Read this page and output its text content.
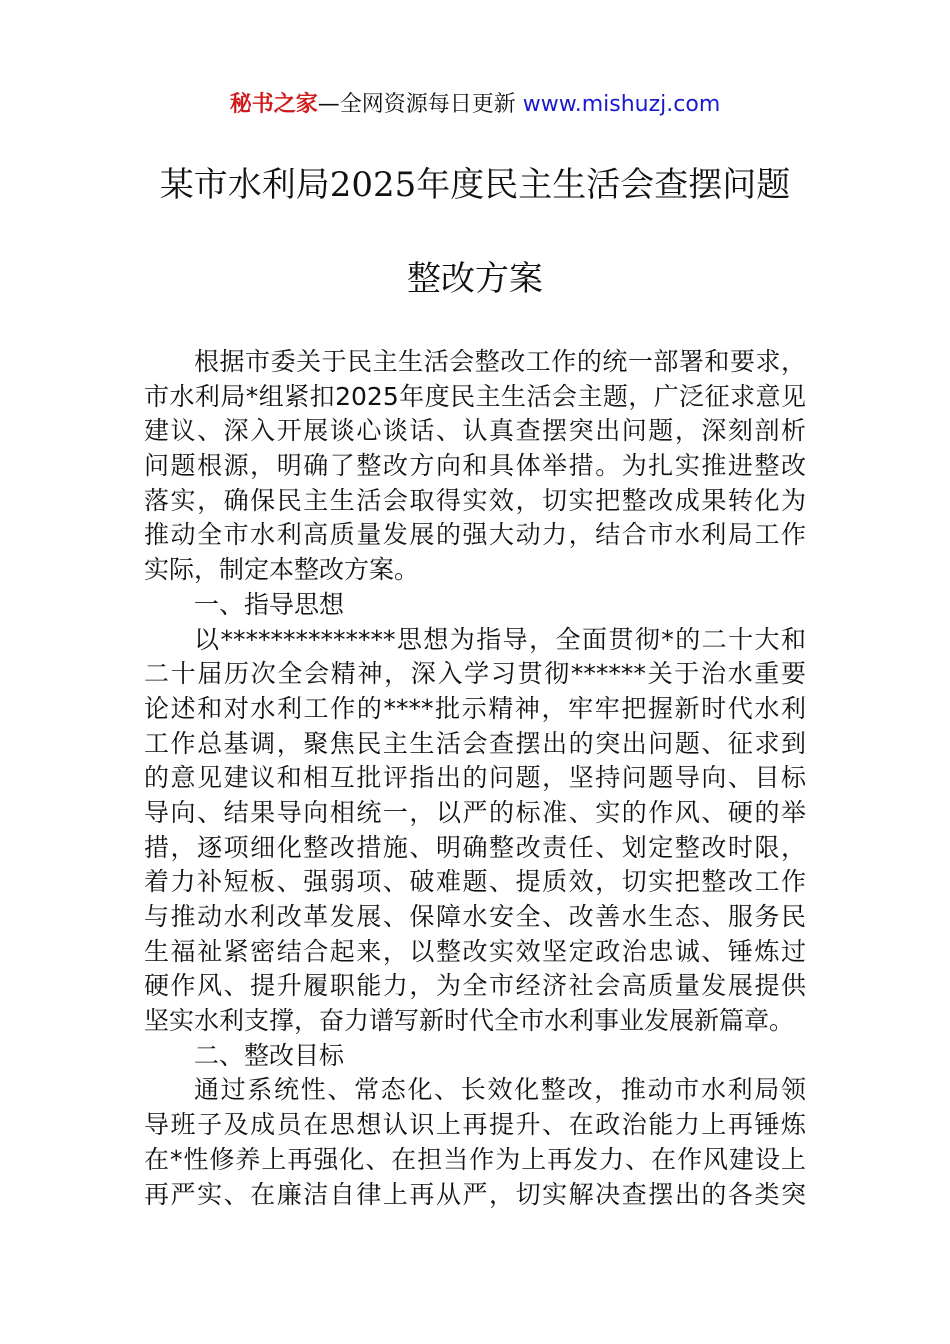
秘书之家—全网资源每日更新 www.mishuzj.com
某市水利局2025年度民主生活会查摆问题
整改方案
根据市委关于民主生活会整改工作的统一部署和要求，
市水利局*组紧扣2025年度民主生活会主题，广泛征求意见
建议、深入开展谈心谈话、认真查摆突出问题，深刻剖析
问题根源，明确了整改方向和具体举措。为扎实推进整改
落实，确保民主生活会取得实效，切实把整改成果转化为
推动全市水利高质量发展的强大动力，结合市水利局工作
实际，制定本整改方案。
一、指导思想
以**************思想为指导，全面贯彻*的二十大和
二十届历次全会精神，深入学习贯彻******关于治水重要
论述和对水利工作的****批示精神，牢牢把握新时代水利
工作总基调，聚焦民主生活会查摆出的突出问题、征求到
的意见建议和相互批评指出的问题，坚持问题导向、目标
导向、结果导向相统一，以严的标准、实的作风、硬的举
措，逐项细化整改措施、明确整改责任、划定整改时限，
着力补短板、强弱项、破难题、提质效，切实把整改工作
与推动水利改革发展、保障水安全、改善水生态、服务民
生福祉紧密结合起来，以整改实效坚定政治忠诚、锤炼过
硬作风、提升履职能力，为全市经济社会高质量发展提供
坚实水利支撑，奋力谱写新时代全市水利事业发展新篇章。
二、整改目标
通过系统性、常态化、长效化整改，推动市水利局领
导班子及成员在思想认识上再提升、在政治能力上再锤炼
在*性修养上再强化、在担当作为上再发力、在作风建设上
再严实、在廉洁自律上再从严，切实解决查摆出的各类突
